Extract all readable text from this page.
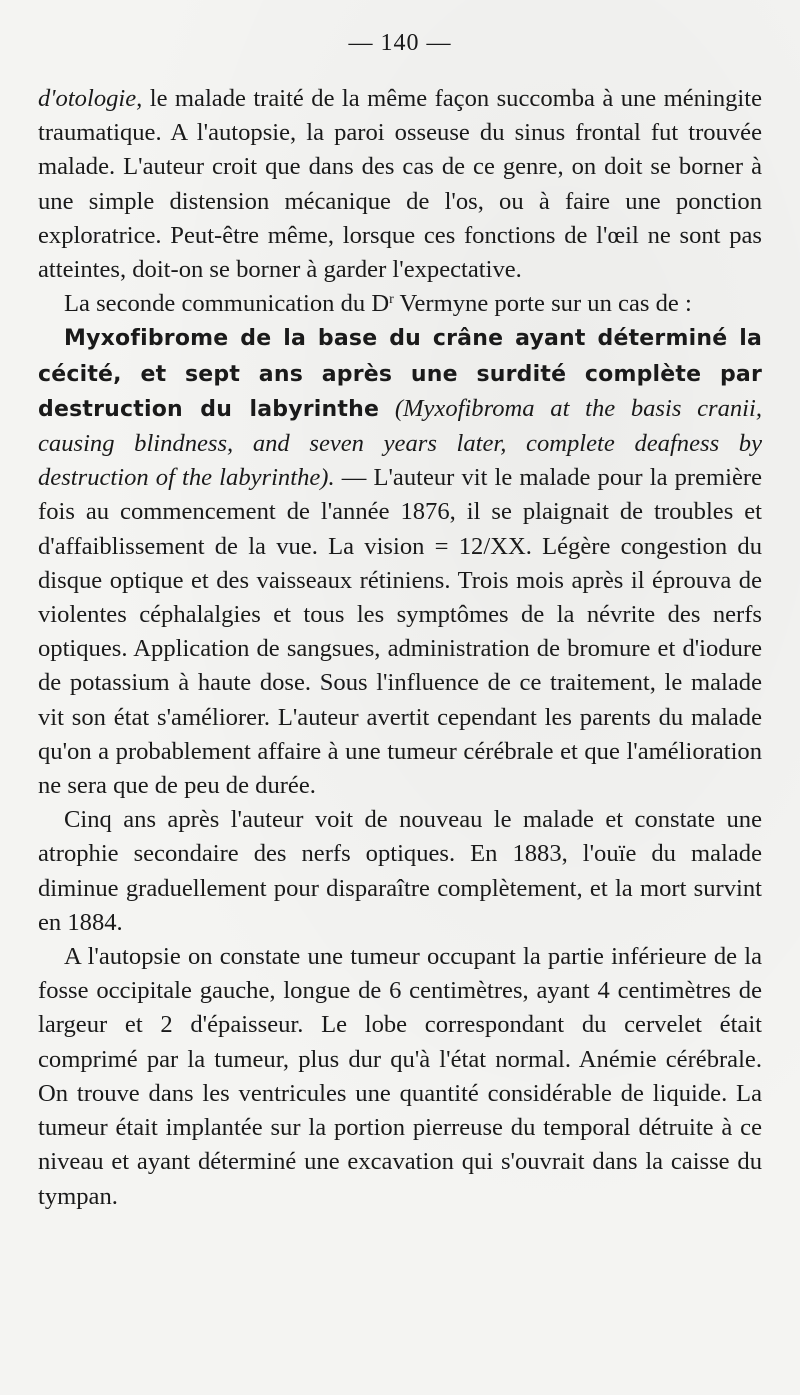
— 140 —

d'otologie, le malade traité de la même façon succomba à une méningite traumatique. A l'autopsie, la paroi osseuse du sinus frontal fut trouvée malade. L'auteur croit que dans des cas de ce genre, on doit se borner à une simple distension mécanique de l'os, ou à faire une ponction exploratrice. Peut-être même, lorsque ces fonctions de l'œil ne sont pas atteintes, doit-on se borner à garder l'expectative.

La seconde communication du $D^r$ Vermyne porte sur un cas de :

Myxofibrome de la base du crâne ayant déterminé la cécité, et sept ans après une surdité complète par destruction du labyrinthe (Myxofibroma at the basis cranii, causing blindness, and seven years later, complete deafness by destruction of the labyrinthe). — L'auteur vit le malade pour la première fois au commencement de l'année 1876, il se plaignait de troubles et d'affaiblissement de la vue. La vision = 12/XX. Légère congestion du disque optique et des vaisseaux rétiniens. Trois mois après il éprouva de violentes céphalalgies et tous les symptômes de la névrite des nerfs optiques. Application de sangsues, administration de bromure et d'iodure de potassium à haute dose. Sous l'influence de ce traitement, le malade vit son état s'améliorer. L'auteur avertit cependant les parents du malade qu'on a probablement affaire à une tumeur cérébrale et que l'amélioration ne sera que de peu de durée.

Cinq ans après l'auteur voit de nouveau le malade et constate une atrophie secondaire des nerfs optiques. En 1883, l'ouïe du malade diminue graduellement pour disparaître complètement, et la mort survint en 1884.

A l'autopsie on constate une tumeur occupant la partie inférieure de la fosse occipitale gauche, longue de 6 centimètres, ayant 4 centimètres de largeur et 2 d'épaisseur. Le lobe correspondant du cervelet était comprimé par la tumeur, plus dur qu'à l'état normal. Anémie cérébrale. On trouve dans les ventricules une quantité considérable de liquide. La tumeur était implantée sur la portion pierreuse du temporal détruite à ce niveau et ayant déterminé une excavation qui s'ouvrait dans la caisse du tympan.
